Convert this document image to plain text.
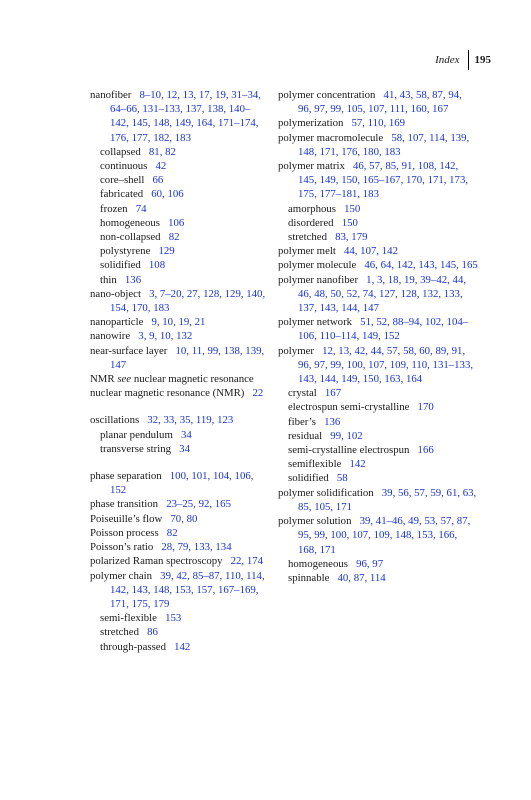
Index 195

nanofiber  8–10, 12, 13, 17, 19, 31–34, 64–66, 131–133, 137, 138, 140–142, 145, 148, 149, 164, 171–174, 176, 177, 182, 183

collapsed  81, 82

continuous  42

core–shell  66

fabricated  60, 106

frozen  74

homogeneous  106

non-collapsed  82

polystyrene  129

solidified  108

thin  136

nano-object  3, 7–20, 27, 128, 129, 140, 154, 170, 183

nanoparticle  9, 10, 19, 21

nanowire  3, 9, 10, 132

near-surface layer  10, 11, 99, 138, 139, 147

NMR see nuclear magnetic resonance

nuclear magnetic resonance (NMR)  22

oscillations  32, 33, 35, 119, 123

planar pendulum  34

transverse string  34

phase separation  100, 101, 104, 106, 152

phase transition  23–25, 92, 165

Poiseuille’s flow  70, 80

Poisson process  82

Poisson’s ratio  28, 79, 133, 134

polarized Raman spectroscopy  22, 174

polymer chain  39, 42, 85–87, 110, 114, 142, 143, 148, 153, 157, 167–169, 171, 175, 179

semi-flexible  153

stretched  86

through-passed  142

polymer concentration  41, 43, 58, 87, 94, 96, 97, 99, 105, 107, 111, 160, 167

polymerization  57, 110, 169

polymer macromolecule  58, 107, 114, 139, 148, 171, 176, 180, 183

polymer matrix  46, 57, 85, 91, 108, 142, 145, 149, 150, 165–167, 170, 171, 173, 175, 177–181, 183

amorphous  150

disordered  150

stretched  83, 179

polymer melt  44, 107, 142

polymer molecule  46, 64, 142, 143, 145, 165

polymer nanofiber  1, 3, 18, 19, 39–42, 44, 46, 48, 50, 52, 74, 127, 128, 132, 133, 137, 143, 144, 147

polymer network  51, 52, 88–94, 102, 104–106, 110–114, 149, 152

polymer  12, 13, 42, 44, 57, 58, 60, 89, 91, 96, 97, 99, 100, 107, 109, 110, 131–133, 143, 144, 149, 150, 163, 164

crystal  167

electrospun semi-crystalline  170

fiber’s  136

residual  99, 102

semi-crystalline electrospun  166

semiflexible  142

solidified  58

polymer solidification  39, 56, 57, 59, 61, 63, 85, 105, 171

polymer solution  39, 41–46, 49, 53, 57, 87, 95, 99, 100, 107, 109, 148, 153, 166, 168, 171

homogeneous  96, 97

spinnable  40, 87, 114
